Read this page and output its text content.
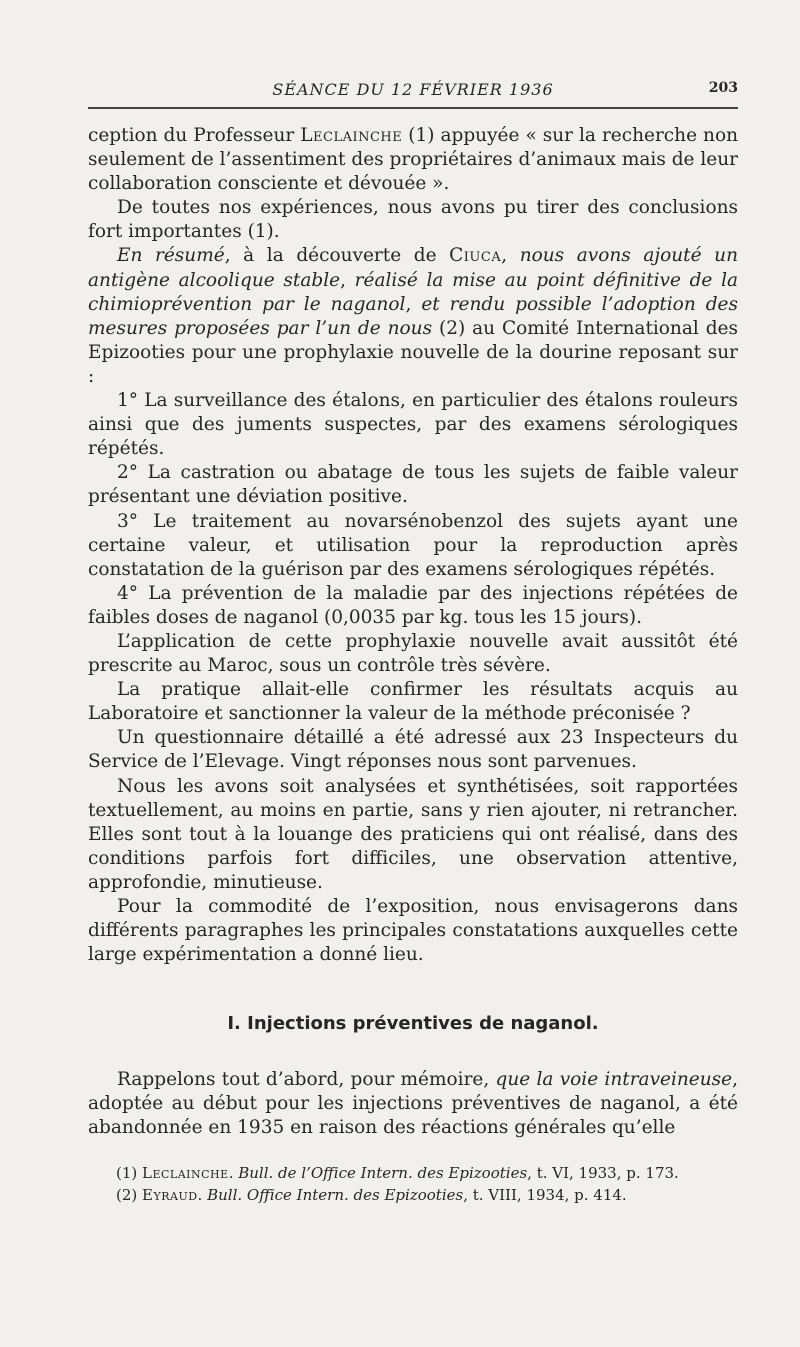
SÉANCE DU 12 FÉVRIER 1936	203

ception du Professeur Leclainche (1) appuyée « sur la recherche non seulement de l’assentiment des propriétaires d’animaux mais de leur collaboration consciente et dévouée ».

De toutes nos expériences, nous avons pu tirer des conclusions fort importantes (1).

En résumé, à la découverte de Ciuca, nous avons ajouté un antigène alcoolique stable, réalisé la mise au point définitive de la chimioprévention par le naganol, et rendu possible l’adoption des mesures proposées par l’un de nous (2) au Comité International des Epizooties pour une prophylaxie nouvelle de la dourine reposant sur :

1° La surveillance des étalons, en particulier des étalons rouleurs ainsi que des juments suspectes, par des examens sérologiques répétés.

2° La castration ou abatage de tous les sujets de faible valeur présentant une déviation positive.

3° Le traitement au novarsénobenzol des sujets ayant une certaine valeur, et utilisation pour la reproduction après constatation de la guérison par des examens sérologiques répétés.

4° La prévention de la maladie par des injections répétées de faibles doses de naganol (0,0035 par kg. tous les 15 jours).

L’application de cette prophylaxie nouvelle avait aussitôt été prescrite au Maroc, sous un contrôle très sévère.

La pratique allait-elle confirmer les résultats acquis au Laboratoire et sanctionner la valeur de la méthode préconisée ?

Un questionnaire détaillé a été adressé aux 23 Inspecteurs du Service de l’Elevage. Vingt réponses nous sont parvenues.

Nous les avons soit analysées et synthétisées, soit rapportées textuellement, au moins en partie, sans y rien ajouter, ni retrancher. Elles sont tout à la louange des praticiens qui ont réalisé, dans des conditions parfois fort difficiles, une observation attentive, approfondie, minutieuse.

Pour la commodité de l’exposition, nous envisagerons dans différents paragraphes les principales constatations auxquelles cette large expérimentation a donné lieu.

I. Injections préventives de naganol.

Rappelons tout d’abord, pour mémoire, que la voie intraveineuse, adoptée au début pour les injections préventives de naganol, a été abandonnée en 1935 en raison des réactions générales qu’elle

(1) Leclainche. Bull. de l’Office Intern. des Epizooties, t. VI, 1933, p. 173.
(2) Eyraud. Bull. Office Intern. des Epizooties, t. VIII, 1934, p. 414.
